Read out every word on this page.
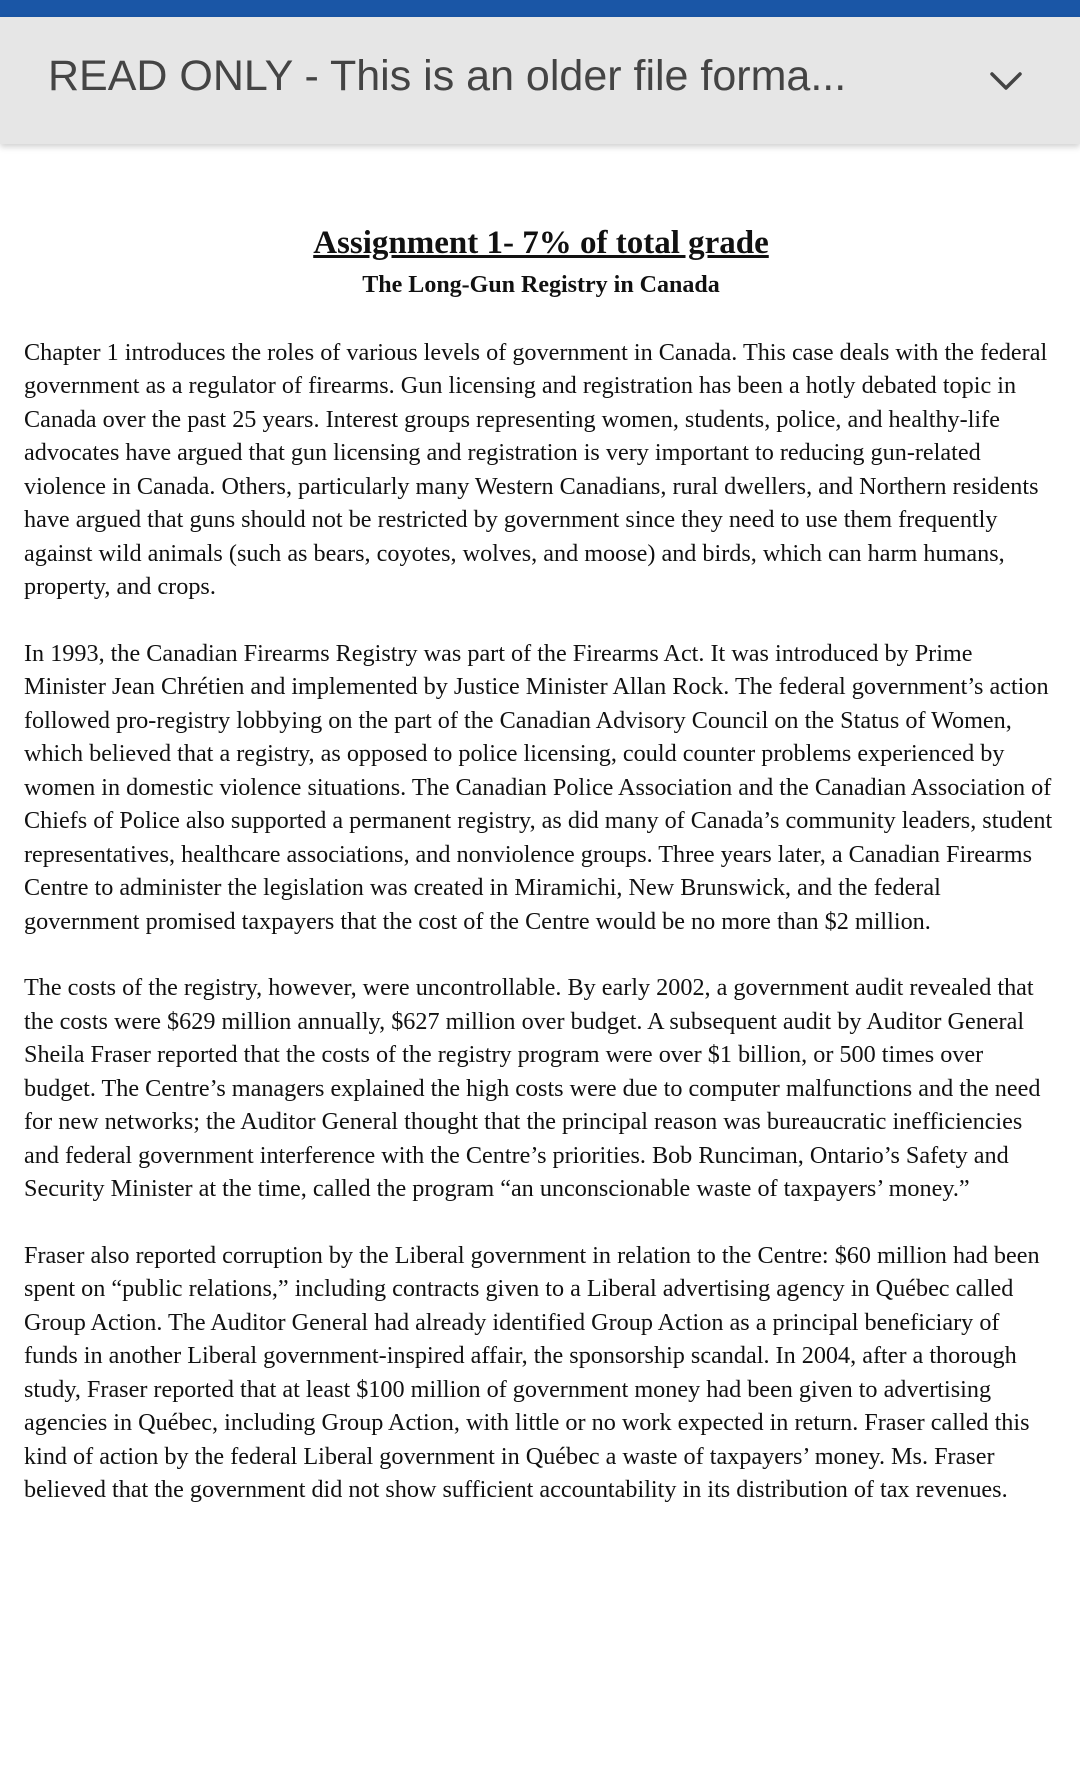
READ ONLY - This is an older file forma...
Assignment 1- 7% of total grade
The Long-Gun Registry in Canada

Chapter 1 introduces the roles of various levels of government in Canada. This case deals with the federal government as a regulator of firearms. Gun licensing and registration has been a hotly debated topic in Canada over the past 25 years. Interest groups representing women, students, police, and healthy-life advocates have argued that gun licensing and registration is very important to reducing gun-related violence in Canada. Others, particularly many Western Canadians, rural dwellers, and Northern residents have argued that guns should not be restricted by government since they need to use them frequently against wild animals (such as bears, coyotes, wolves, and moose) and birds, which can harm humans, property, and crops.

In 1993, the Canadian Firearms Registry was part of the Firearms Act. It was introduced by Prime Minister Jean Chrétien and implemented by Justice Minister Allan Rock. The federal government’s action followed pro-registry lobbying on the part of the Canadian Advisory Council on the Status of Women, which believed that a registry, as opposed to police licensing, could counter problems experienced by women in domestic violence situations. The Canadian Police Association and the Canadian Association of Chiefs of Police also supported a permanent registry, as did many of Canada’s community leaders, student representatives, healthcare associations, and nonviolence groups. Three years later, a Canadian Firearms Centre to administer the legislation was created in Miramichi, New Brunswick, and the federal government promised taxpayers that the cost of the Centre would be no more than $2 million.

The costs of the registry, however, were uncontrollable. By early 2002, a government audit revealed that the costs were $629 million annually, $627 million over budget. A subsequent audit by Auditor General Sheila Fraser reported that the costs of the registry program were over $1 billion, or 500 times over budget. The Centre’s managers explained the high costs were due to computer malfunctions and the need for new networks; the Auditor General thought that the principal reason was bureaucratic inefficiencies and federal government interference with the Centre’s priorities. Bob Runciman, Ontario’s Safety and Security Minister at the time, called the program “an unconscionable waste of taxpayers’ money.”

Fraser also reported corruption by the Liberal government in relation to the Centre: $60 million had been spent on “public relations,” including contracts given to a Liberal advertising agency in Québec called Group Action. The Auditor General had already identified Group Action as a principal beneficiary of funds in another Liberal government-inspired affair, the sponsorship scandal. In 2004, after a thorough study, Fraser reported that at least $100 million of government money had been given to advertising agencies in Québec, including Group Action, with little or no work expected in return. Fraser called this kind of action by the federal Liberal government in Québec a waste of taxpayers’ money. Ms. Fraser believed that the government did not show sufficient accountability in its distribution of tax revenues.
